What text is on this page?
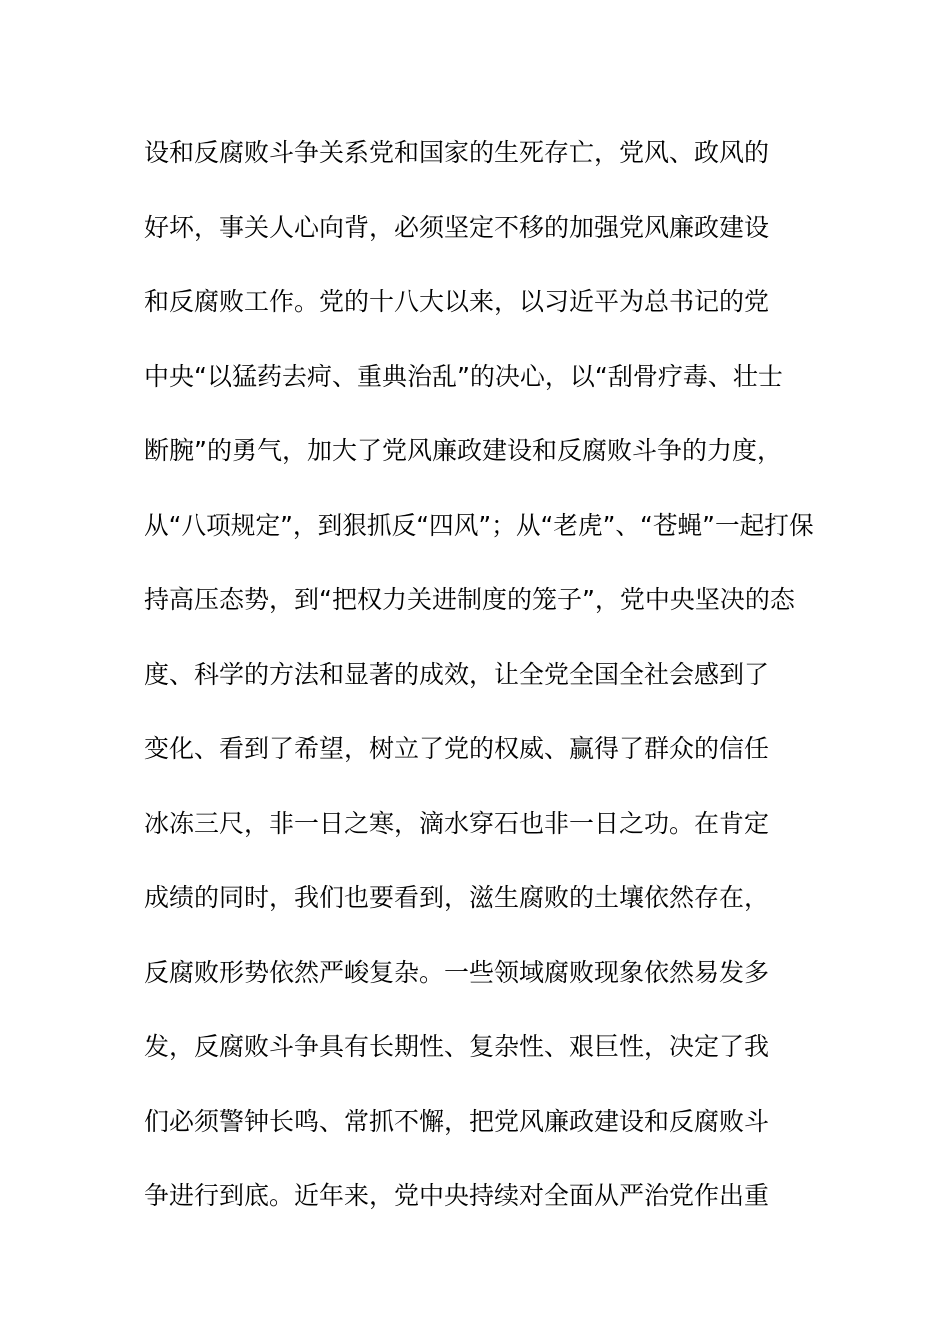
设和反腐败斗争关系党和国家的生死存亡，党风、政风的
好坏，事关人心向背，必须坚定不移的加强党风廉政建设
和反腐败工作。党的十八大以来，以习近平为总书记的党
中央“以猛药去疴、重典治乱”的决心，以“刮骨疗毒、壮士
断腕”的勇气，加大了党风廉政建设和反腐败斗争的力度，
从“八项规定”，到狠抓反“四风”；从“老虎”、“苍蝇”一起打保
持高压态势，到“把权力关进制度的笼子”，党中央坚决的态
度、科学的方法和显著的成效，让全党全国全社会感到了
变化、看到了希望，树立了党的权威、赢得了群众的信任
冰冻三尺，非一日之寒，滴水穿石也非一日之功。在肯定
成绩的同时，我们也要看到，滋生腐败的土壤依然存在，
反腐败形势依然严峻复杂。一些领域腐败现象依然易发多
发，反腐败斗争具有长期性、复杂性、艰巨性，决定了我
们必须警钟长鸣、常抓不懈，把党风廉政建设和反腐败斗
争进行到底。近年来，党中央持续对全面从严治党作出重
